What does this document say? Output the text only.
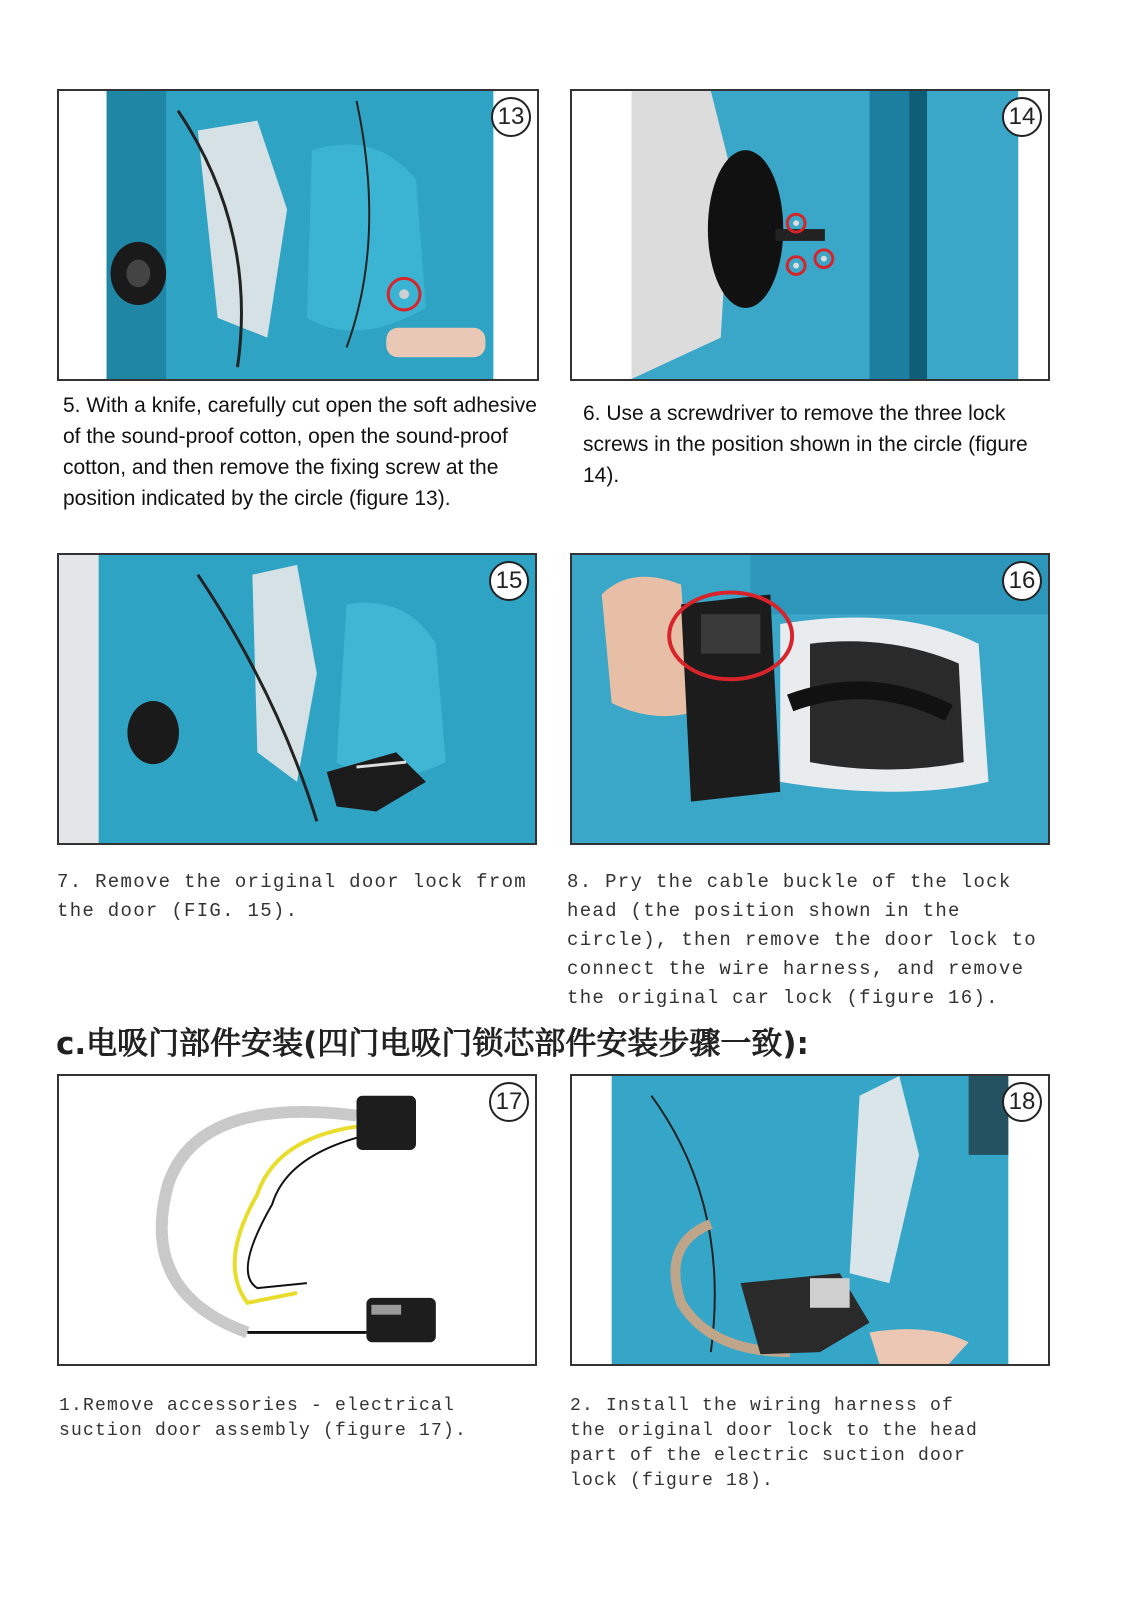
13

5. With a knife, carefully cut open the soft adhesive of the sound-proof cotton, open the sound-proof cotton, and then remove the fixing screw at the position indicated by the circle (figure 13).

14

6. Use a screwdriver to remove the three lock screws in the position shown in the circle (figure 14).

15

7. Remove the original door lock from the door (FIG. 15).

16

8. Pry the cable buckle of the lock head (the position shown in the circle), then remove the door lock to connect the wire harness, and remove the original car lock (figure 16).

c.电吸门部件安装(四门电吸门锁芯部件安装步骤一致):
17

1.Remove accessories - electrical suction door assembly (figure 17).

18

2. Install the wiring harness of the original door lock to the head part of the electric suction door lock (figure 18).
